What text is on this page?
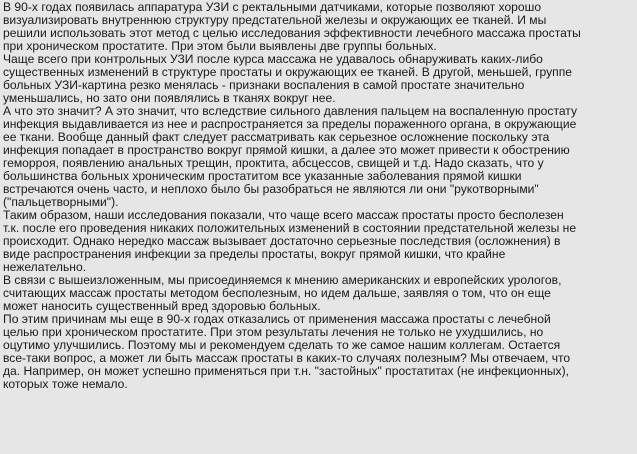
В 90-х годах появилась аппаратура УЗИ с ректальными датчиками, которые позволяют хорошо
визуализировать внутреннюю структуру предстательной железы и окружающих ее тканей. И мы
решили использовать этот метод с целью исследования эффективности лечебного массажа простаты
при хроническом простатите. При этом были выявлены две группы больных.
Чаще всего при контрольных УЗИ после курса массажа не удавалось обнаруживать каких-либо
существенных изменений в структуре простаты и окружающих ее тканей. В другой, меньшей, группе
больных УЗИ-картина резко менялась - признаки воспаления в самой простате значительно
уменьшались, но зато они появлялись в тканях вокруг нее.
А что это значит? А это значит, что вследствие сильного давления пальцем на воспаленную простату
инфекция выдавливается из нее и распространяется за пределы пораженного органа, в окружающие
ее ткани. Вообще данный факт следует рассматривать как серьезное осложнение поскольку эта
инфекция попадает в пространство вокруг прямой кишки, а далее это может привести к обострению
геморроя, появлению анальных трещин, проктита, абсцессов, свищей и т.д. Надо сказать, что у
большинства больных хроническим простатитом все указанные заболевания прямой кишки
встречаются очень часто, и неплохо было бы разобраться не являются ли они "рукотворными"
("пальцетворными").
Таким образом, наши исследования показали, что чаще всего массаж простаты просто бесполезен
т.к. после его проведения никаких положительных изменений в состоянии предстательной железы не
происходит. Однако нередко массаж вызывает достаточно серьезные последствия (осложнения) в
виде распространения инфекции за пределы простаты, вокруг прямой кишки, что крайне
нежелательно.
В связи с вышеизложенным, мы присоединяемся к мнению американских и европейских урологов,
считающих массаж простаты методом бесполезным, но идем дальше, заявляя о том, что он еще
может наносить существенный вред здоровью больных.
По этим причинам мы еще в 90-х годах отказались от применения массажа простаты с лечебной
целью при хроническом простатите. При этом результаты лечения не только не ухудшились, но
оцутимо улучшились. Поэтому мы и рекомендуем сделать то же самое нашим коллегам. Остается
все-таки вопрос, а может ли быть массаж простаты в каких-то случаях полезным? Мы отвечаем, что
да. Например, он может успешно применяться при т.н. "застойных" простатитах (не инфекционных),
которых тоже немало.
